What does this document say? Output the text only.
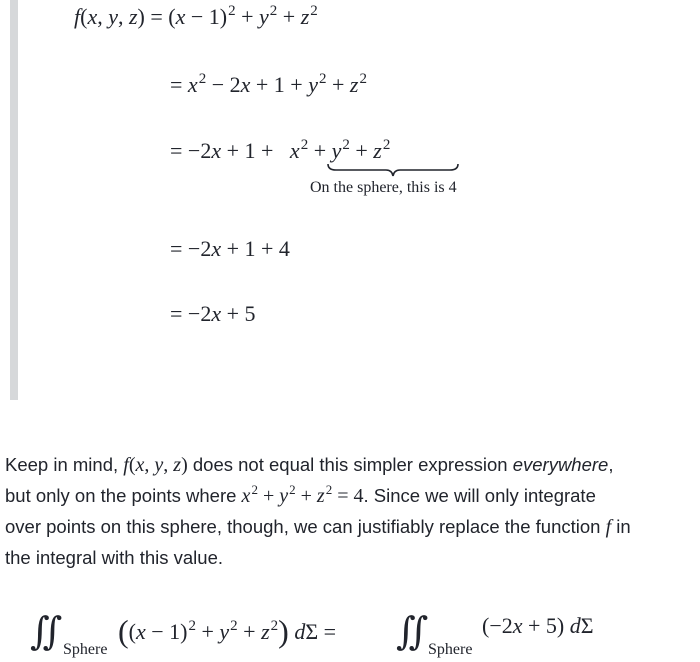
f(x, y, $z) = (x - 1)^2 + y^2 + z^2$
= $x^2 - 2x + 1 + y^2 + z^2$
= $-2x + 1 + x^2 + y^2 + z^2$
On the sphere, this is 4
= −2x + 1 + 4
= −2x + 5
Keep in mind, f(x, y, z) does not equal this simpler expression everywhere,
but only on the points where $x^2 + y^2 + z^2 = 4$. Since we will only integrate
over points on this sphere, though, we can justifiably replace the function f in
the integral with this value.
∬ Sphere
$((x - 1)^2 + y^2 + z^2)$ dΣ = ∬ Sphere
(−2x + 5) dΣ
